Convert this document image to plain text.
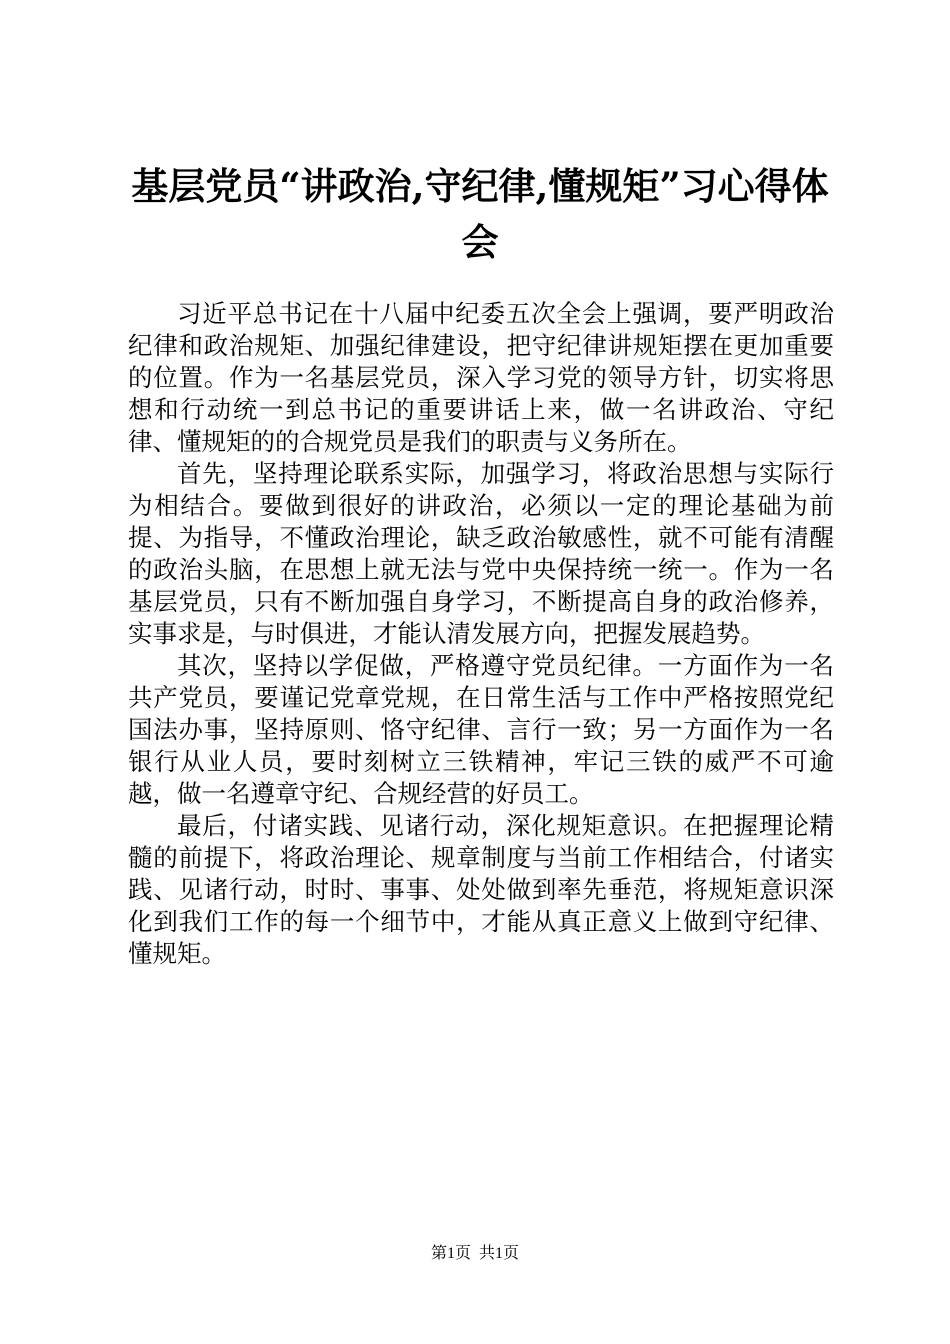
基层党员“讲政治,守纪律,懂规矩”习心得体会

习近平总书记在十八届中纪委五次全会上强调，要严明政治纪律和政治规矩、加强纪律建设，把守纪律讲规矩摆在更加重要的位置。作为一名基层党员，深入学习党的领导方针，切实将思想和行动统一到总书记的重要讲话上来，做一名讲政治、守纪律、懂规矩的的合规党员是我们的职责与义务所在。

首先，坚持理论联系实际，加强学习，将政治思想与实际行为相结合。要做到很好的讲政治，必须以一定的理论基础为前提、为指导，不懂政治理论，缺乏政治敏感性，就不可能有清醒的政治头脑，在思想上就无法与党中央保持统一统一。作为一名基层党员，只有不断加强自身学习，不断提高自身的政治修养，实事求是，与时俱进，才能认清发展方向，把握发展趋势。

其次，坚持以学促做，严格遵守党员纪律。一方面作为一名共产党员，要谨记党章党规，在日常生活与工作中严格按照党纪国法办事，坚持原则、恪守纪律、言行一致；另一方面作为一名银行从业人员，要时刻树立三铁精神，牢记三铁的威严不可逾越，做一名遵章守纪、合规经营的好员工。

最后，付诸实践、见诸行动，深化规矩意识。在把握理论精髓的前提下，将政治理论、规章制度与当前工作相结合，付诸实践、见诸行动，时时、事事、处处做到率先垂范，将规矩意识深化到我们工作的每一个细节中，才能从真正意义上做到守纪律、懂规矩。

第1页  共1页
